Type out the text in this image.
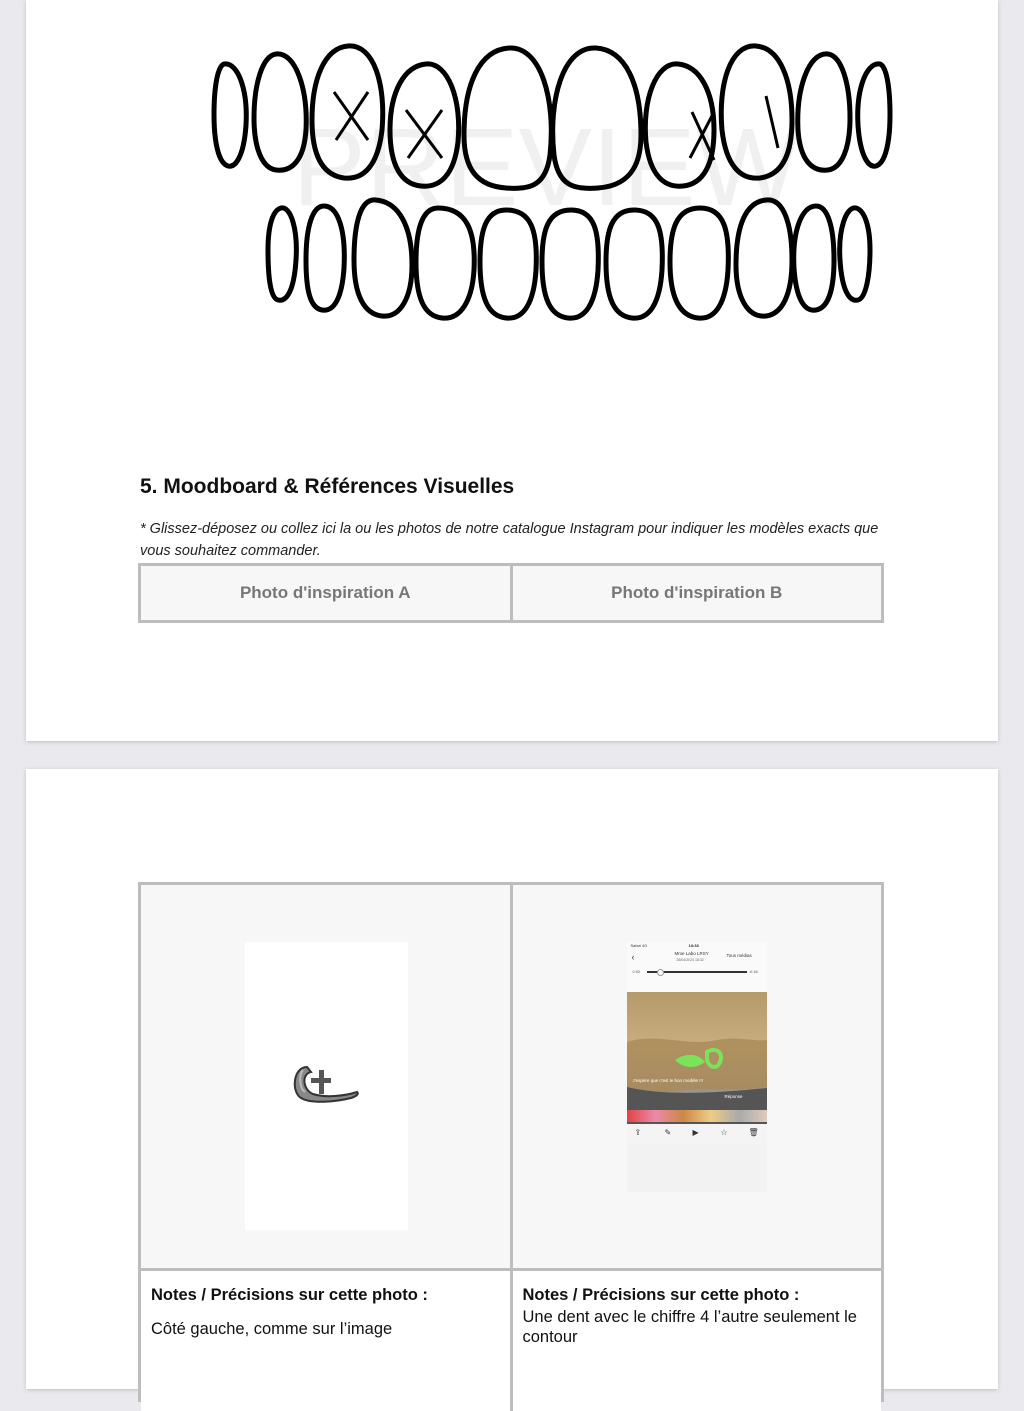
PREVIEW
5. Moodboard & Références Visuelles
* Glissez-déposez ou collez ici la ou les photos de notre catalogue Instagram pour indiquer les modèles exacts que vous souhaitez commander.
Photo d'inspiration A	Photo d'inspiration B
Safari 4G	18:38
‹	Mme Labo LRSY
26/04/2024 18:32
Tous médias
0:02	-0:18
J'espère que c'est le bon modèle !!!
Réponse
⇪	✎	▶	☆	🗑
Notes / Précisions sur cette photo :
Côté gauche, comme sur l’image
Notes / Précisions sur cette photo :
Une dent avec le chiffre 4 l’autre seulement le contour
